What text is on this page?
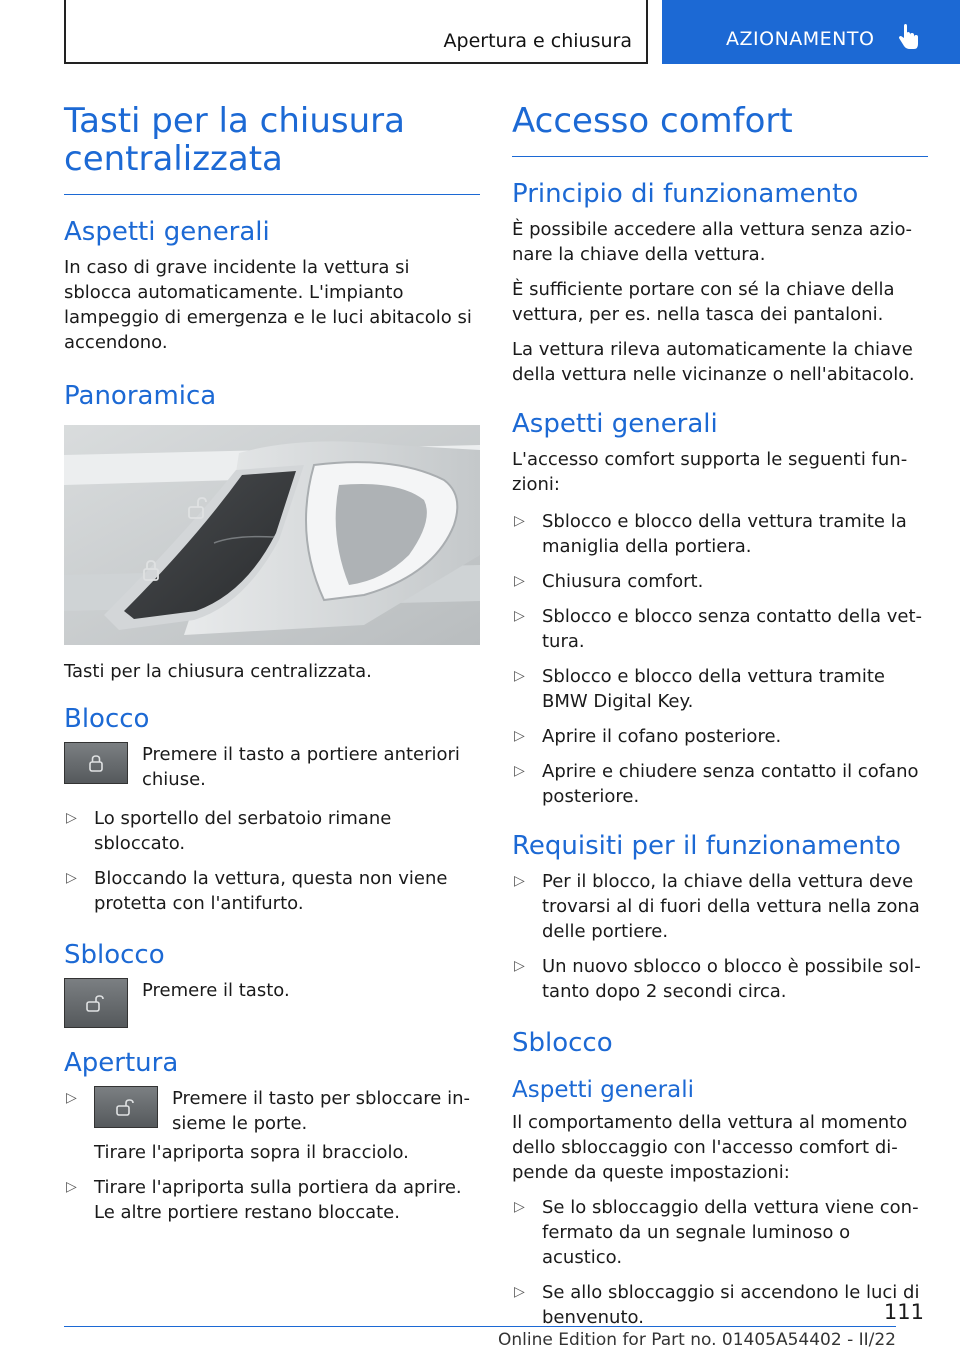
Apertura e chiusura	AZIONAMENTO
Tasti per la chiusura centralizzata
Aspetti generali

In caso di grave incidente la vettura si sblocca automaticamente. L'impianto lampeggio di emergenza e le luci abitacolo si accendono.

Panoramica

Tasti per la chiusura centralizzata.

Blocco

Premere il tasto a portiere anteriori chiuse.

▷ Lo sportello del serbatoio rimane sbloccato.
▷ Bloccando la vettura, questa non viene protetta con l'antifurto.
Sblocco

Premere il tasto.

Apertura
▷	Premere il tasto per sbloccare insieme le porte.

Tirare l'apriporta sopra il bracciolo.

▷ Tirare l'apriporta sulla portiera da aprire. Le altre portiere restano bloccate.
Accesso comfort
Principio di funzionamento

È possibile accedere alla vettura senza azionare la chiave della vettura.

È sufficiente portare con sé la chiave della vettura, per es. nella tasca dei pantaloni.

La vettura rileva automaticamente la chiave della vettura nelle vicinanze o nell'abitacolo.

Aspetti generali

L'accesso comfort supporta le seguenti funzioni:

▷ Sblocco e blocco della vettura tramite la maniglia della portiera.
▷ Chiusura comfort.
▷ Sblocco e blocco senza contatto della vettura.
▷ Sblocco e blocco della vettura tramite BMW Digital Key.
▷ Aprire il cofano posteriore.
▷ Aprire e chiudere senza contatto il cofano posteriore.
Requisiti per il funzionamento
▷ Per il blocco, la chiave della vettura deve trovarsi al di fuori della vettura nella zona delle portiere.
▷ Un nuovo sblocco o blocco è possibile soltanto dopo 2 secondi circa.
Sblocco
Aspetti generali

Il comportamento della vettura al momento dello sbloccaggio con l'accesso comfort dipende da queste impostazioni:

▷ Se lo sbloccaggio della vettura viene confermato da un segnale luminoso o acustico.
▷ Se allo sbloccaggio si accendono le luci di benvenuto.	111
Online Edition for Part no. 01405A54402 - II/22
